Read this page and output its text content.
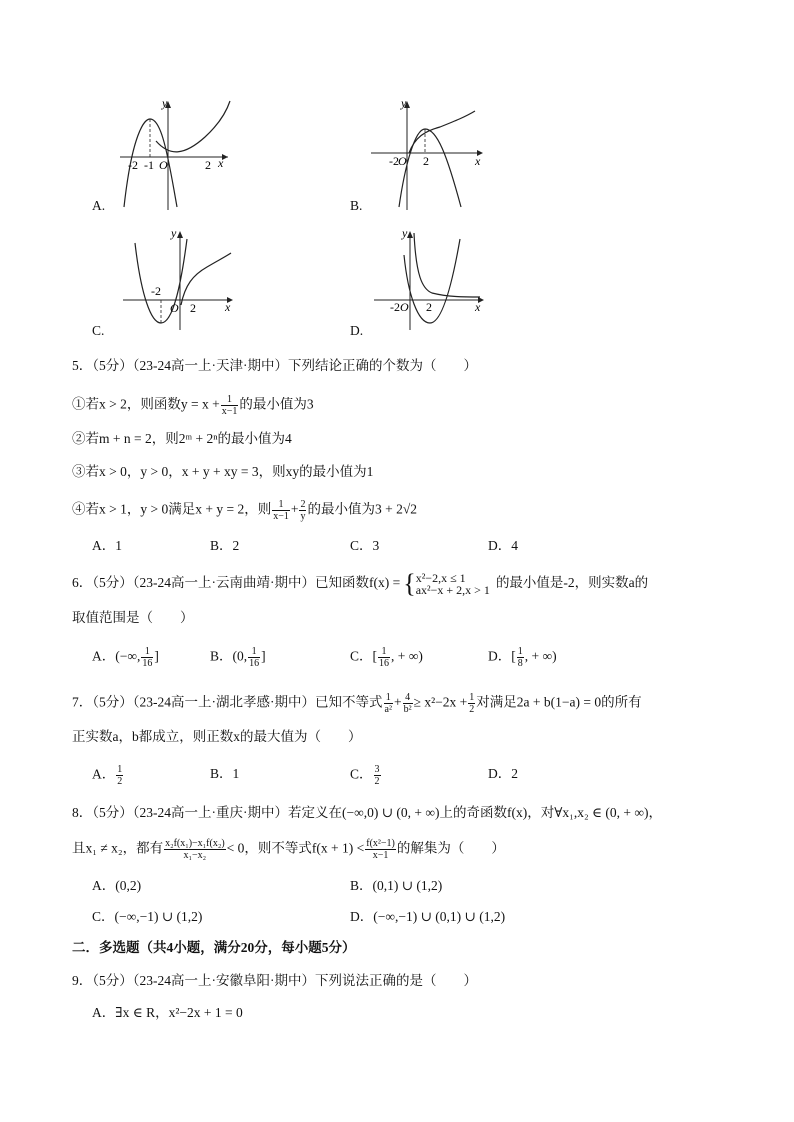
y
x
-2 -1 O	2
A.
y
x
-2 O 2
B.
y
x
-2
O 2
C.
y
x
-2 O 2
D.
5．（5分）（23-24高一上·天津·期中）下列结论正确的个数为（　　）
①若x > 2，则函数$y = x + \frac{1}{x-1}$ 的最小值为3
②若m + n = 2，则2ᵐ + 2ⁿ的最小值为4
③若x > 0，y > 0，x + y + xy = 3，则xy的最小值为1
④若x > 1，y > 0满足x + y = 2，则 $\frac{1}{x-1} + \frac{2}{y}$ 的最小值为3 + 2√2
A．1	B．2	C．3	D．4
6．（5分）（23-24高一上·云南曲靖·期中）已知函数f(x) = { x²−2,x ≤ 1
ax²−x + 2,x > 1 的最小值是-2，则实数a的
取值范围是（　　）
A．(−∞, $\frac{1}{16}$ ]	B．(0, $\frac{1}{16}$ ]	C．[ $\frac{1}{16}$ , + ∞)	D．[ $\frac{1}{8}$ , + ∞)
7．（5分）（23-24高一上·湖北孝感·期中）已知不等式 $\frac{1}{\text{a²}} + \frac{4}{\text{b²}} \ge x^2-2x + \frac{1}{2}$ 对满足2a + b(1−a) = 0的所有
正实数a，b都成立，则正数x的最大值为（　　）
A． $\frac{1}{2}$	B．1	C． $\frac{3}{2}$	D．2
8．（5分）（23-24高一上·重庆·期中）若定义在(−∞,0) ∪ (0, + ∞)上的奇函数f(x)，对∀x₁,x₂ ∈ (0, + ∞)，
且x₁ ≠ x₂，都有 $\frac{\text{x₂f(x₁)−x₁f(x₂)}}{\text{x₁−x₂}} < 0$，则不等式$f(x + 1) < \frac{\text{f(x²−1)}}{x-1}$ 的解集为（　　）
A．(0,2)	B．(0,1) ∪ (1,2)
C．(−∞,−1) ∪ (1,2)	D．(−∞,−1) ∪ (0,1) ∪ (1,2)
二．多选题（共4小题，满分20分，每小题5分）
9．（5分）（23-24高一上·安徽阜阳·期中）下列说法正确的是（　　）
A．∃x ∈ R，x²−2x + 1 = 0
